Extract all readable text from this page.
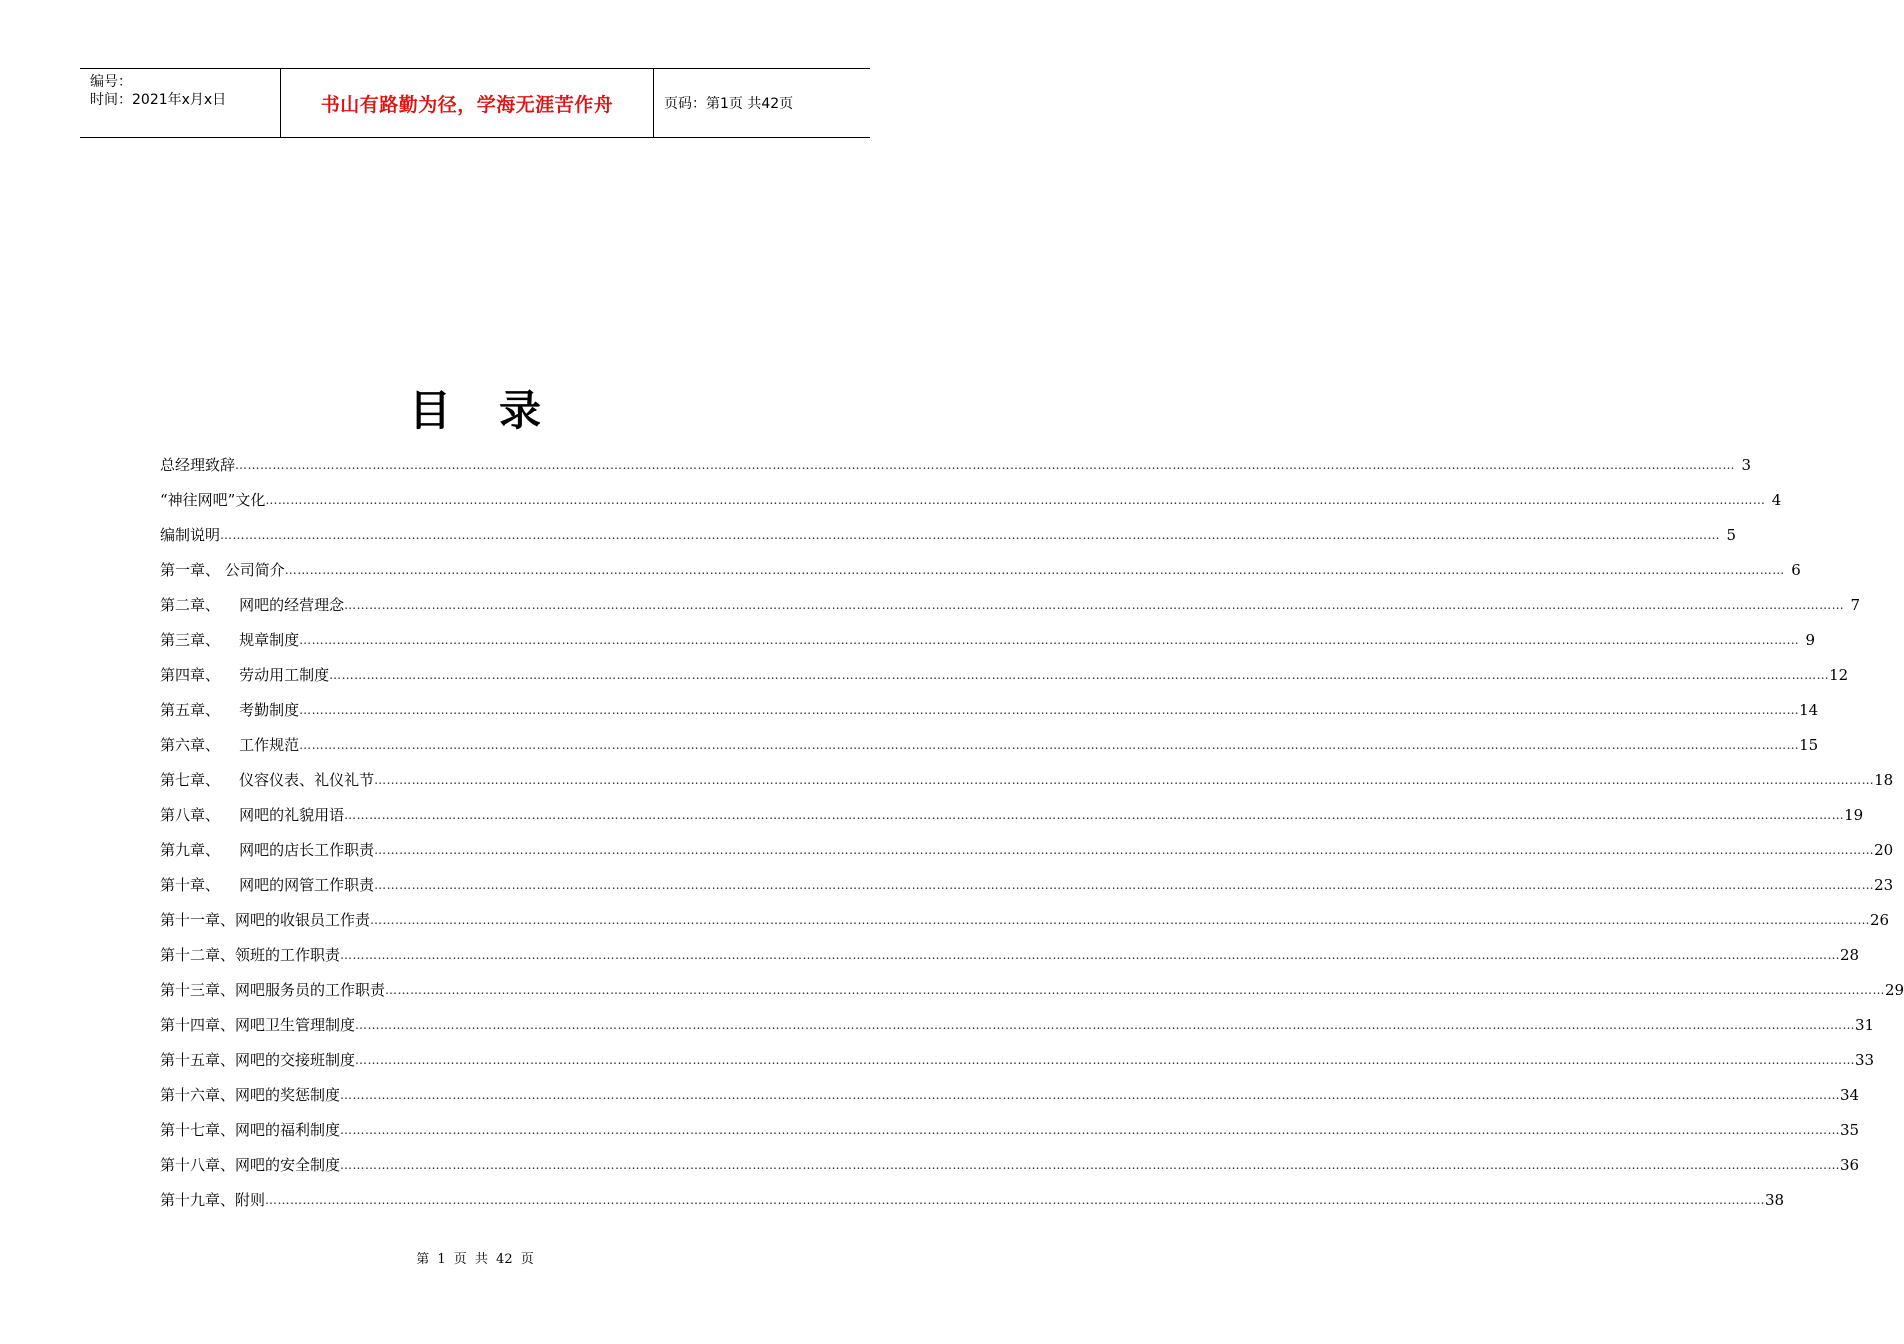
编号：
时间：2021年x月x日	书山有路勤为径，学海无涯苦作舟	页码：第1页 共42页
目录
总经理致辞 ……………………………………………………………………………………………………………………………………………………………………………………………………………………………………………………………………………………………………………………………… 3
“神往网吧”文化 ……………………………………………………………………………………………………………………………………………………………………………………………………………………………………………………………………………………………………………………………… 4
编制说明 ……………………………………………………………………………………………………………………………………………………………………………………………………………………………………………………………………………………………………………………………… 5
第一章、 公司简介 ……………………………………………………………………………………………………………………………………………………………………………………………………………………………………………………………………………………………………………………………… 6
第二章、    网吧的经营理念 ……………………………………………………………………………………………………………………………………………………………………………………………………………………………………………………………………………………………………………………………… 7
第三章、    规章制度 ……………………………………………………………………………………………………………………………………………………………………………………………………………………………………………………………………………………………………………………………… 9
第四章、    劳动用工制度 ……………………………………………………………………………………………………………………………………………………………………………………………………………………………………………………………………………………………………………………………… 12
第五章、    考勤制度 ……………………………………………………………………………………………………………………………………………………………………………………………………………………………………………………………………………………………………………………………… 14
第六章、    工作规范 ……………………………………………………………………………………………………………………………………………………………………………………………………………………………………………………………………………………………………………………………… 15
第七章、    仪容仪表、礼仪礼节 ……………………………………………………………………………………………………………………………………………………………………………………………………………………………………………………………………………………………………………………………… 18
第八章、    网吧的礼貌用语 ……………………………………………………………………………………………………………………………………………………………………………………………………………………………………………………………………………………………………………………………… 19
第九章、    网吧的店长工作职责 ……………………………………………………………………………………………………………………………………………………………………………………………………………………………………………………………………………………………………………………………… 20
第十章、    网吧的网管工作职责 ……………………………………………………………………………………………………………………………………………………………………………………………………………………………………………………………………………………………………………………………… 23
第十一章、网吧的收银员工作责 ……………………………………………………………………………………………………………………………………………………………………………………………………………………………………………………………………………………………………………………………… 26
第十二章、领班的工作职责 ……………………………………………………………………………………………………………………………………………………………………………………………………………………………………………………………………………………………………………………………… 28
第十三章、网吧服务员的工作职责 ……………………………………………………………………………………………………………………………………………………………………………………………………………………………………………………………………………………………………………………………… 29
第十四章、网吧卫生管理制度 ……………………………………………………………………………………………………………………………………………………………………………………………………………………………………………………………………………………………………………………………… 31
第十五章、网吧的交接班制度 ……………………………………………………………………………………………………………………………………………………………………………………………………………………………………………………………………………………………………………………………… 33
第十六章、网吧的奖惩制度 ……………………………………………………………………………………………………………………………………………………………………………………………………………………………………………………………………………………………………………………………… 34
第十七章、网吧的福利制度 ……………………………………………………………………………………………………………………………………………………………………………………………………………………………………………………………………………………………………………………………… 35
第十八章、网吧的安全制度 ……………………………………………………………………………………………………………………………………………………………………………………………………………………………………………………………………………………………………………………………… 36
第十九章、附则 ……………………………………………………………………………………………………………………………………………………………………………………………………………………………………………………………………………………………………………………………… 38
第 1 页 共 42 页
